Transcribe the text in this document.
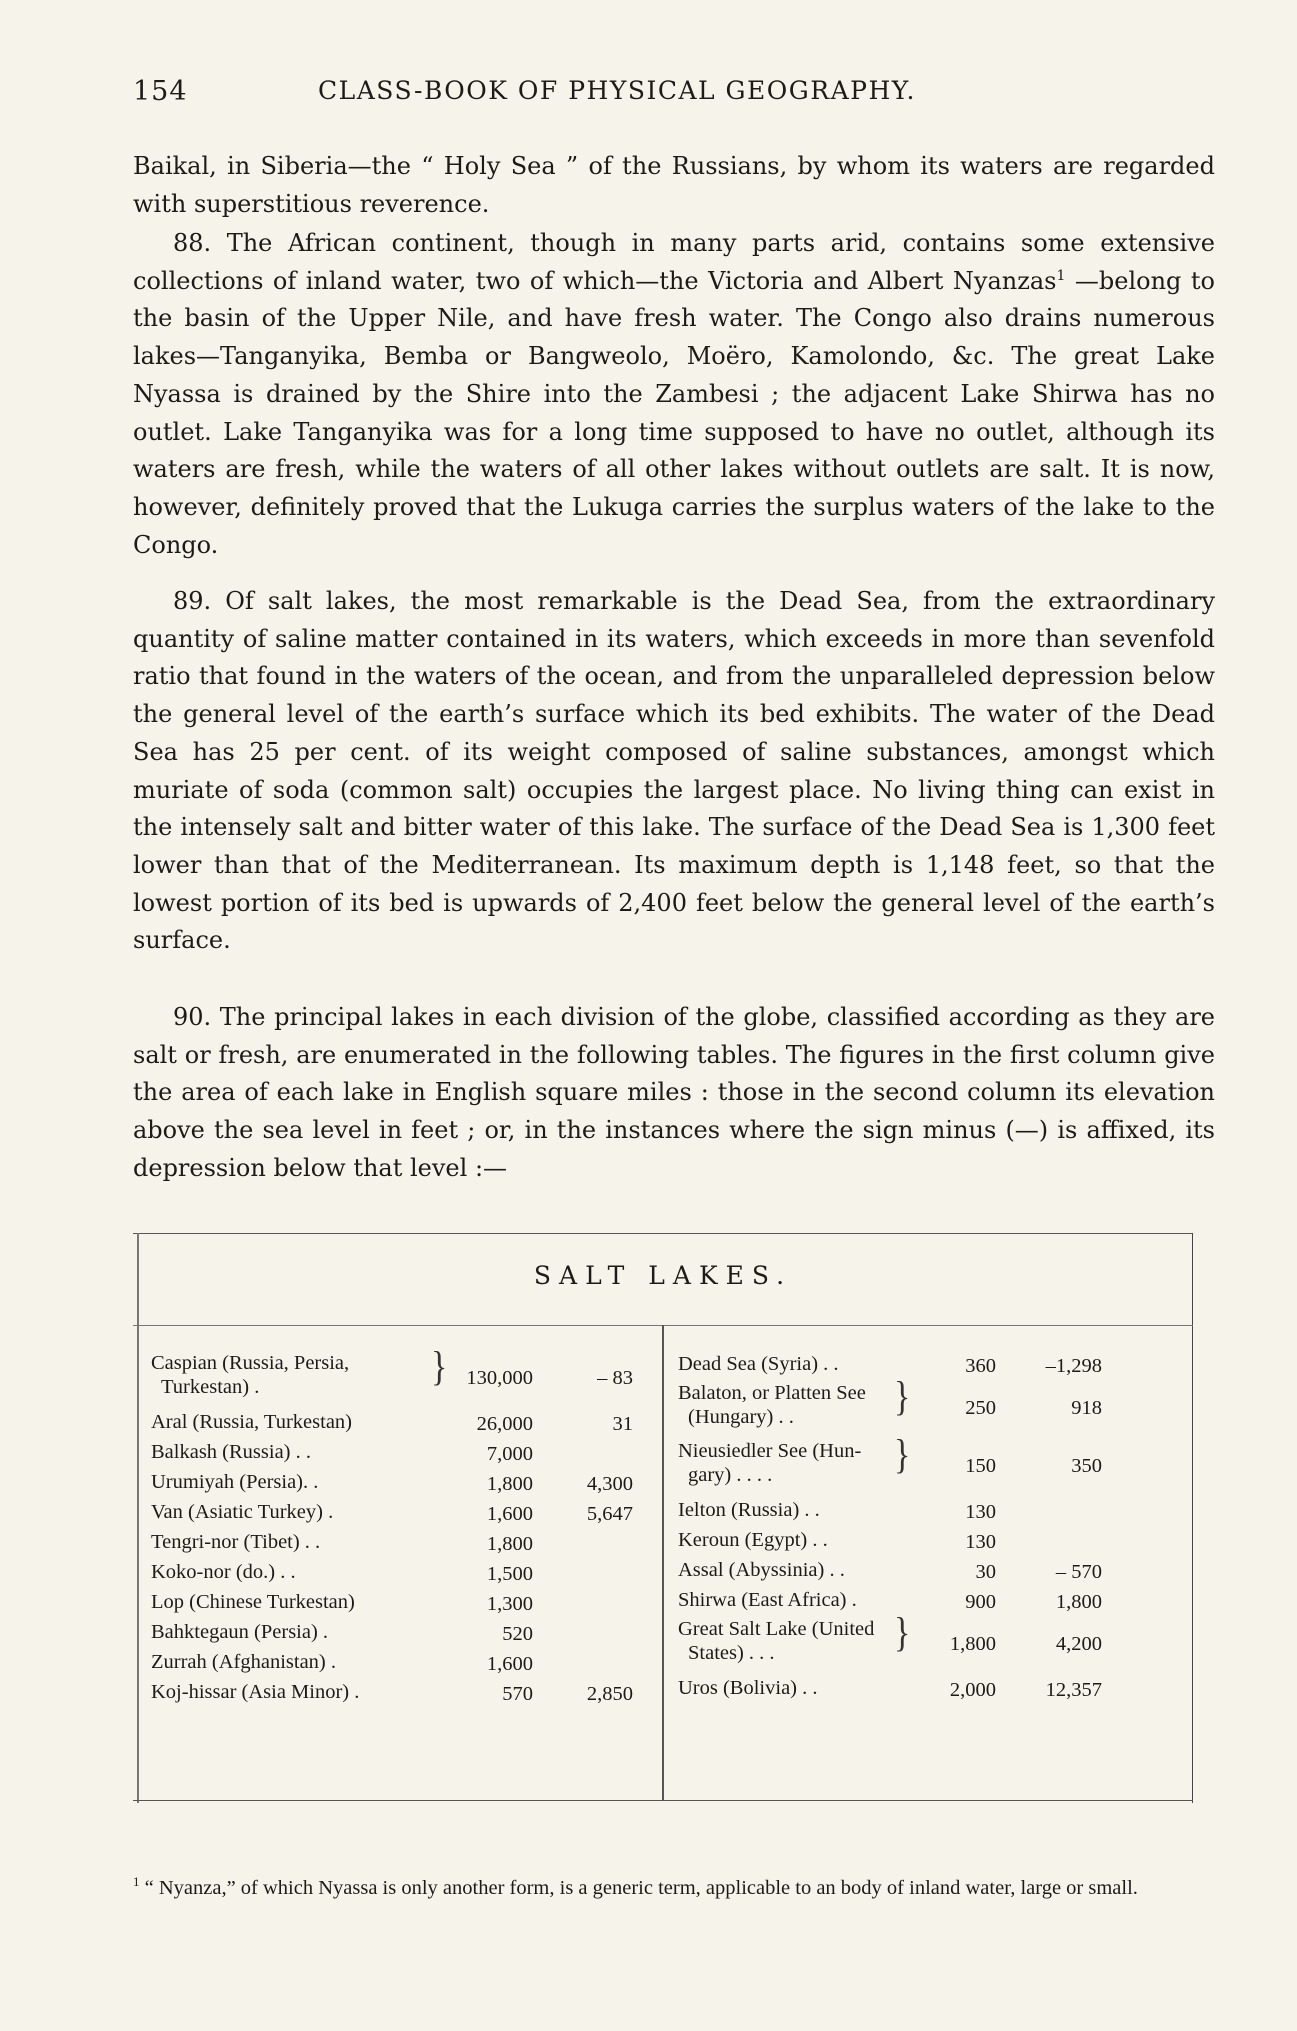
154	CLASS-BOOK OF PHYSICAL GEOGRAPHY.

Baikal, in Siberia—the “ Holy Sea ” of the Russians, by whom its waters are regarded with superstitious reverence.

88. The African continent, though in many parts arid, contains some extensive collections of inland water, two of which—the Victoria and Albert Nyanzas$^1$ —belong to the basin of the Upper Nile, and have fresh water. The Congo also drains numerous lakes—Tanganyika, Bemba or Bangweolo, Moëro, Kamolondo, &c. The great Lake Nyassa is drained by the Shire into the Zambesi ; the adjacent Lake Shirwa has no outlet. Lake Tanganyika was for a long time supposed to have no outlet, although its waters are fresh, while the waters of all other lakes without outlets are salt. It is now, however, definitely proved that the Lukuga carries the surplus waters of the lake to the Congo.

89. Of salt lakes, the most remarkable is the Dead Sea, from the extraordinary quantity of saline matter contained in its waters, which exceeds in more than sevenfold ratio that found in the waters of the ocean, and from the unparalleled depression below the general level of the earth’s surface which its bed exhibits. The water of the Dead Sea has 25 per cent. of its weight composed of saline substances, amongst which muriate of soda (common salt) occupies the largest place. No living thing can exist in the intensely salt and bitter water of this lake. The surface of the Dead Sea is 1,300 feet lower than that of the Mediterranean. Its maximum depth is 1,148 feet, so that the lowest portion of its bed is upwards of 2,400 feet below the general level of the earth’s surface.

90. The principal lakes in each division of the globe, classified according as they are salt or fresh, are enumerated in the following tables. The figures in the first column give the area of each lake in English square miles : those in the second column its elevation above the sea level in feet ; or, in the instances where the sign minus (—) is affixed, its depression below that level :—

SALT LAKES.
}
Caspian (Russia, Persia,
Turkestan) .	130,000	– 83
Aral (Russia, Turkestan)	26,000	31
Balkash (Russia) . .	7,000
Urumiyah (Persia). .	1,800	4,300
Van (Asiatic Turkey) .	1,600	5,647
Tengri-nor (Tibet) . .	1,800
Koko-nor (do.) . .	1,500
Lop (Chinese Turkestan)	1,300
Bahktegaun (Persia) .	520
Zurrah (Afghanistan) .	1,600
Koj-hissar (Asia Minor) .	570	2,850
Dead Sea (Syria) . .	360	–1,298
}
Balaton, or Platten See
(Hungary) . .	250	918
}
Nieusiedler See (Hun-
gary) . . . .	150	350
Ielton (Russia) . .	130
Keroun (Egypt) . .	130
Assal (Abyssinia) . .	30	– 570
Shirwa (East Africa) .	900	1,800
}
Great Salt Lake (United
States) . . .	1,800	4,200
Uros (Bolivia) . .	2,000	12,357
$^1$ “ Nyanza,” of which Nyassa is only another form, is a generic term, applicable to an body of inland water, large or small.
